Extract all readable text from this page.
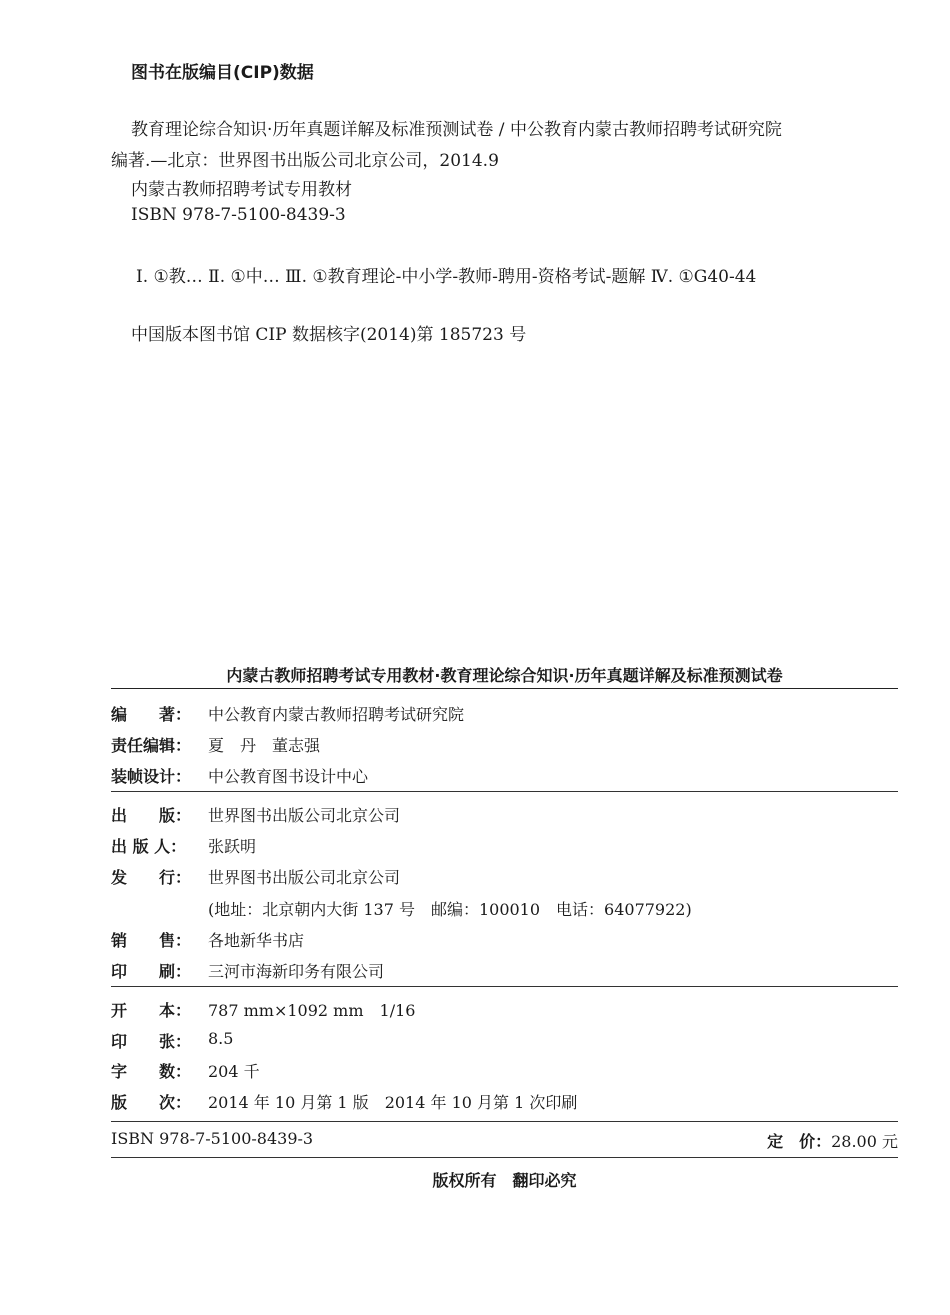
图书在版编目(CIP)数据
教育理论综合知识·历年真题详解及标准预测试卷 / 中公教育内蒙古教师招聘考试研究院
编著.—北京：世界图书出版公司北京公司，2014.9
内蒙古教师招聘考试专用教材
ISBN 978-7-5100-8439-3
Ⅰ. ①教… Ⅱ. ①中… Ⅲ. ①教育理论-中小学-教师-聘用-资格考试-题解 Ⅳ. ①G40-44
中国版本图书馆 CIP 数据核字(2014)第 185723 号
内蒙古教师招聘考试专用教材·教育理论综合知识·历年真题详解及标准预测试卷
编　　著：	中公教育内蒙古教师招聘考试研究院
责任编辑：	夏　丹　董志强
装帧设计：	中公教育图书设计中心
出　　版：	世界图书出版公司北京公司
出 版 人：	张跃明
发　　行：	世界图书出版公司北京公司
(地址：北京朝内大街 137 号　邮编：100010　电话：64077922)
销　　售：	各地新华书店
印　　刷：	三河市海新印务有限公司
开　　本：	787 mm×1092 mm　1/16
印　　张：	8.5
字　　数：	204 千
版　　次：	2014 年 10 月第 1 版　2014 年 10 月第 1 次印刷
ISBN 978-7-5100-8439-3	定　价：28.00 元
版权所有　翻印必究
